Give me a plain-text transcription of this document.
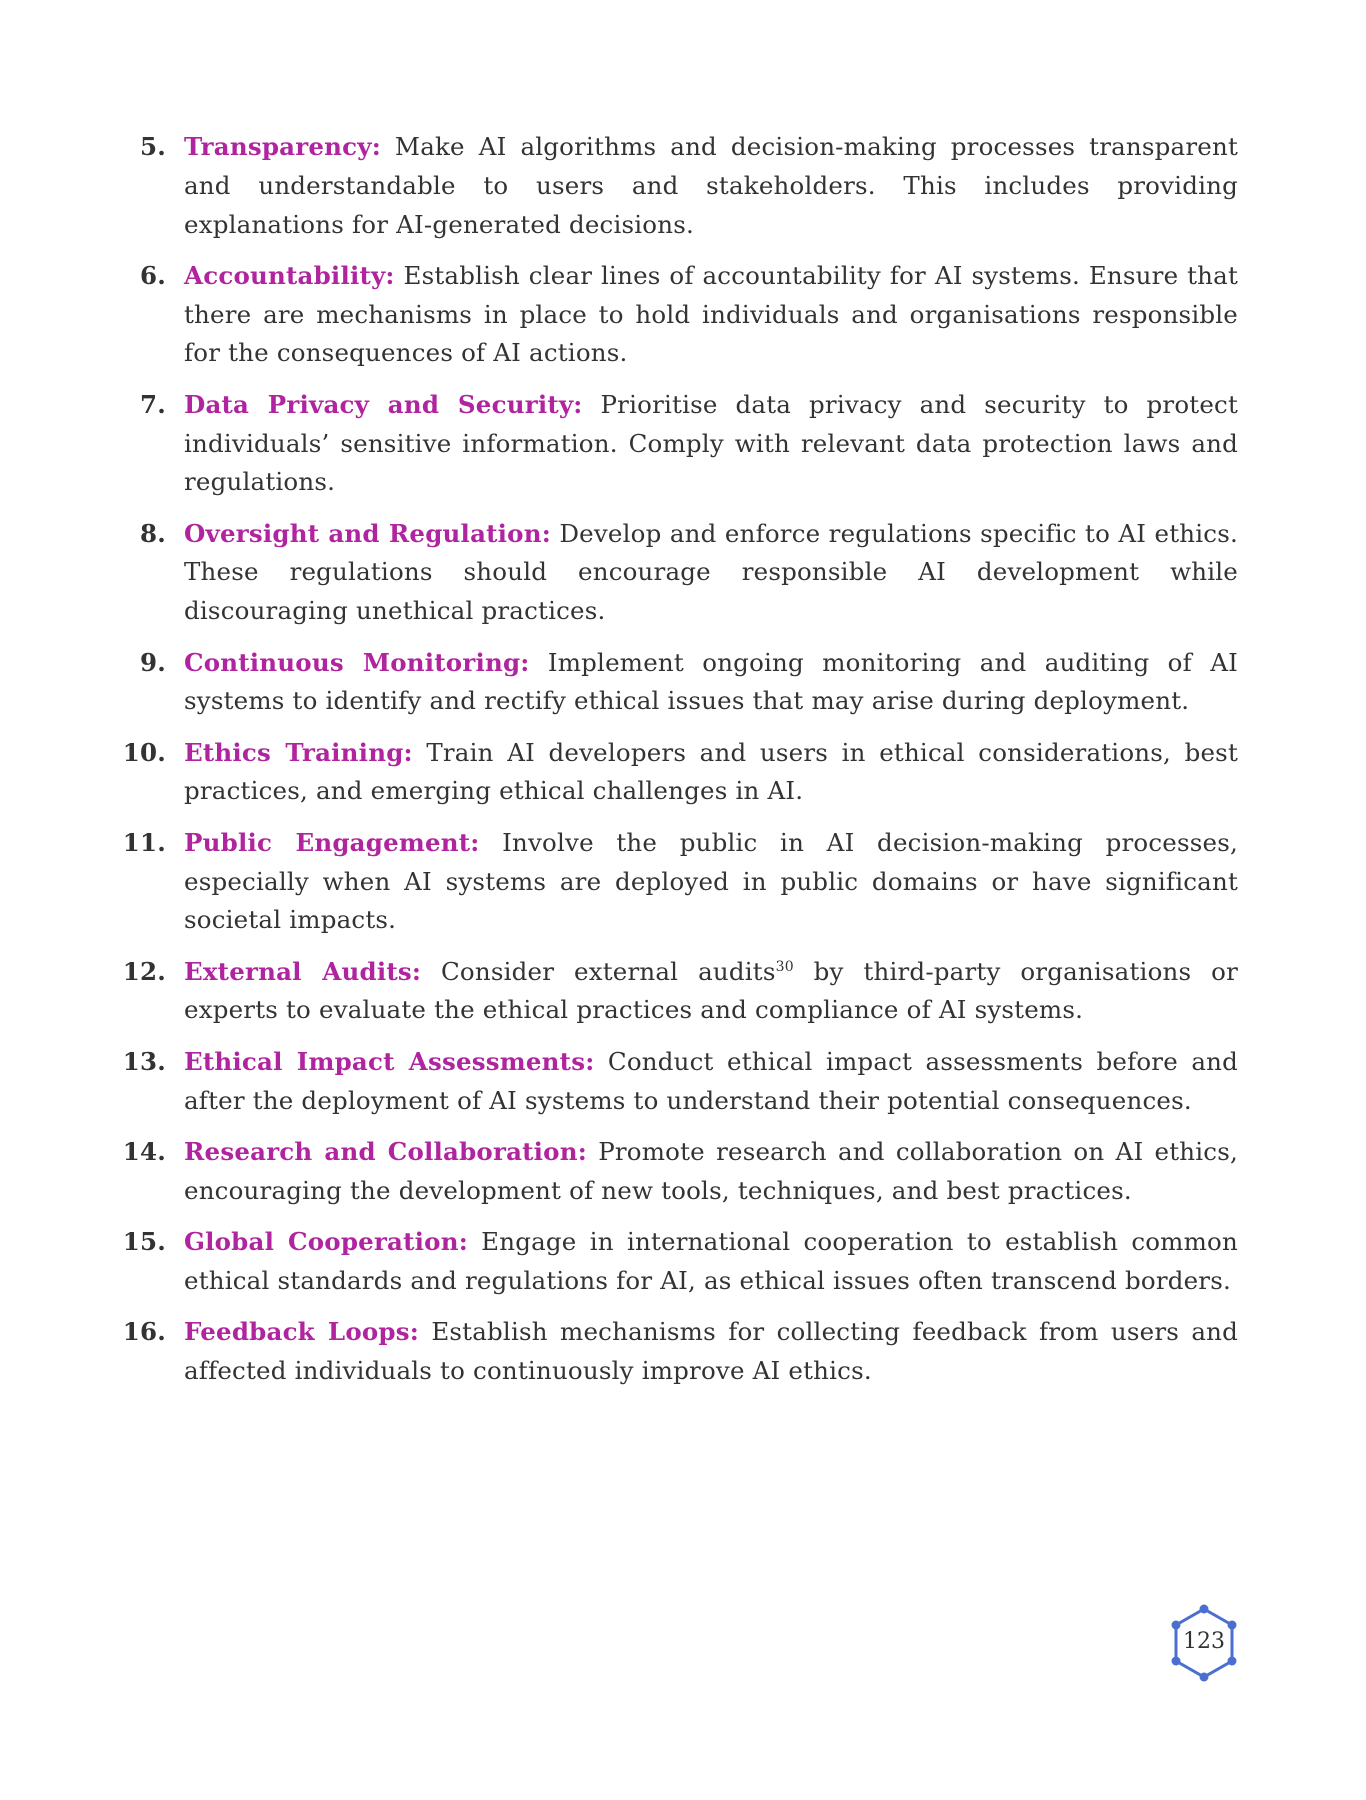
5. Transparency: Make AI algorithms and decision-making processes transparent and understandable to users and stakeholders. This includes providing explanations for AI-generated decisions.
6. Accountability: Establish clear lines of accountability for AI systems. Ensure that there are mechanisms in place to hold individuals and organisations responsible for the consequences of AI actions.
7. Data Privacy and Security: Prioritise data privacy and security to protect individuals’ sensitive information. Comply with relevant data protection laws and regulations.
8. Oversight and Regulation: Develop and enforce regulations specific to AI ethics. These regulations should encourage responsible AI development while discouraging unethical practices.
9. Continuous Monitoring: Implement ongoing monitoring and auditing of AI systems to identify and rectify ethical issues that may arise during deployment.
10. Ethics Training: Train AI developers and users in ethical considerations, best practices, and emerging ethical challenges in AI.
11. Public Engagement: Involve the public in AI decision-making processes, especially when AI systems are deployed in public domains or have significant societal impacts.
12. External Audits: Consider external audits$^{30}$ by third-party organisations or experts to evaluate the ethical practices and compliance of AI systems.
13. Ethical Impact Assessments: Conduct ethical impact assessments before and after the deployment of AI systems to understand their potential consequences.
14. Research and Collaboration: Promote research and collaboration on AI ethics, encouraging the development of new tools, techniques, and best practices.
15. Global Cooperation: Engage in international cooperation to establish common ethical standards and regulations for AI, as ethical issues often transcend borders.
16. Feedback Loops: Establish mechanisms for collecting feedback from users and affected individuals to continuously improve AI ethics.
123
